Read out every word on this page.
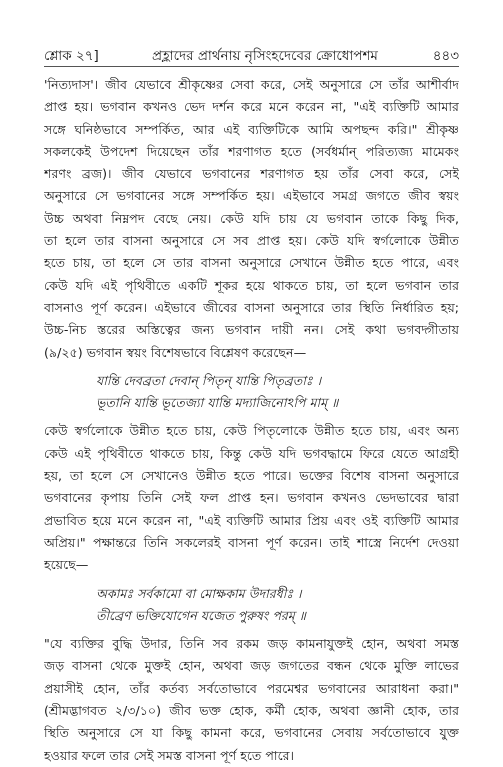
শ্লোক ২৭]	প্রহ্লাদের প্রার্থনায় নৃসিংহদেবের ক্রোধোপশম	৪৪৩
'নিত্যদাস'। জীব যেভাবে শ্রীকৃষ্ণের সেবা করে, সেই অনুসারে সে তাঁর আশীর্বাদ
প্রাপ্ত হয়। ভগবান কখনও ভেদ দর্শন করে মনে করেন না, "এই ব্যক্তিটি আমার
সঙ্গে ঘনিষ্ঠভাবে সম্পর্কিত, আর এই ব্যক্তিটিকে আমি অপছন্দ করি।" শ্রীকৃষ্ণ
সকলকেই উপদেশ দিয়েছেন তাঁর শরণাগত হতে (সর্বধর্মান্ পরিত্যজ্য মামেকং
শরণং ব্রজ)। জীব যেভাবে ভগবানের শরণাগত হয় তাঁর সেবা করে, সেই
অনুসারে সে ভগবানের সঙ্গে সম্পর্কিত হয়। এইভাবে সমগ্র জগতে জীব স্বয়ং
উচ্চ অথবা নিম্নপদ বেছে নেয়। কেউ যদি চায় যে ভগবান তাকে কিছু দিক,
তা হলে তার বাসনা অনুসারে সে সব প্রাপ্ত হয়। কেউ যদি স্বর্গলোকে উন্নীত
হতে চায়, তা হলে সে তার বাসনা অনুসারে সেখানে উন্নীত হতে পারে, এবং
কেউ যদি এই পৃথিবীতে একটি শূকর হয়ে থাকতে চায়, তা হলে ভগবান তার
বাসনাও পূর্ণ করেন। এইভাবে জীবের বাসনা অনুসারে তার স্থিতি নির্ধারিত হয়;
উচ্চ-নিচ স্তরের অস্তিত্বের জন্য ভগবান দায়ী নন। সেই কথা ভগবদ্গীতায়
(৯/২৫) ভগবান স্বয়ং বিশেষভাবে বিশ্লেষণ করেছেন—
যান্তি দেবব্রতা দেবান্ পিতৃন্ যান্তি পিতৃব্রতাঃ ।
ভূতানি যান্তি ভূতেজ্যা যান্তি মদ্যাজিনোঽপি মাম্ ॥
কেউ স্বর্গলোকে উন্নীত হতে চায়, কেউ পিতৃলোকে উন্নীত হতে চায়, এবং অন্য
কেউ এই পৃথিবীতে থাকতে চায়, কিন্তু কেউ যদি ভগবদ্ধামে ফিরে যেতে আগ্রহী
হয়, তা হলে সে সেখানেও উন্নীত হতে পারে। ভক্তের বিশেষ বাসনা অনুসারে
ভগবানের কৃপায় তিনি সেই ফল প্রাপ্ত হন। ভগবান কখনও ভেদভাবের দ্বারা
প্রভাবিত হয়ে মনে করেন না, "এই ব্যক্তিটি আমার প্রিয় এবং ওই ব্যক্তিটি আমার
অপ্রিয়।" পক্ষান্তরে তিনি সকলেরই বাসনা পূর্ণ করেন। তাই শাস্ত্রে নির্দেশ দেওয়া
হয়েছে—
অকামঃ সর্বকামো বা মোক্ষকাম উদারধীঃ ।
তীব্রেণ ভক্তিযোগেন যজেত পুরুষং পরম্ ॥
"যে ব্যক্তির বুদ্ধি উদার, তিনি সব রকম জড় কামনাযুক্তই হোন, অথবা সমস্ত
জড় বাসনা থেকে মুক্তই হোন, অথবা জড় জগতের বন্ধন থেকে মুক্তি লাভের
প্রয়াসীই হোন, তাঁর কর্তব্য সর্বতোভাবে পরমেশ্বর ভগবানের আরাধনা করা।"
(শ্রীমদ্ভাগবত ২/৩/১০) জীব ভক্ত হোক, কর্মী হোক, অথবা জ্ঞানী হোক, তার
স্থিতি অনুসারে সে যা কিছু কামনা করে, ভগবানের সেবায় সর্বতোভাবে যুক্ত
হওয়ার ফলে তার সেই সমস্ত বাসনা পূর্ণ হতে পারে।
